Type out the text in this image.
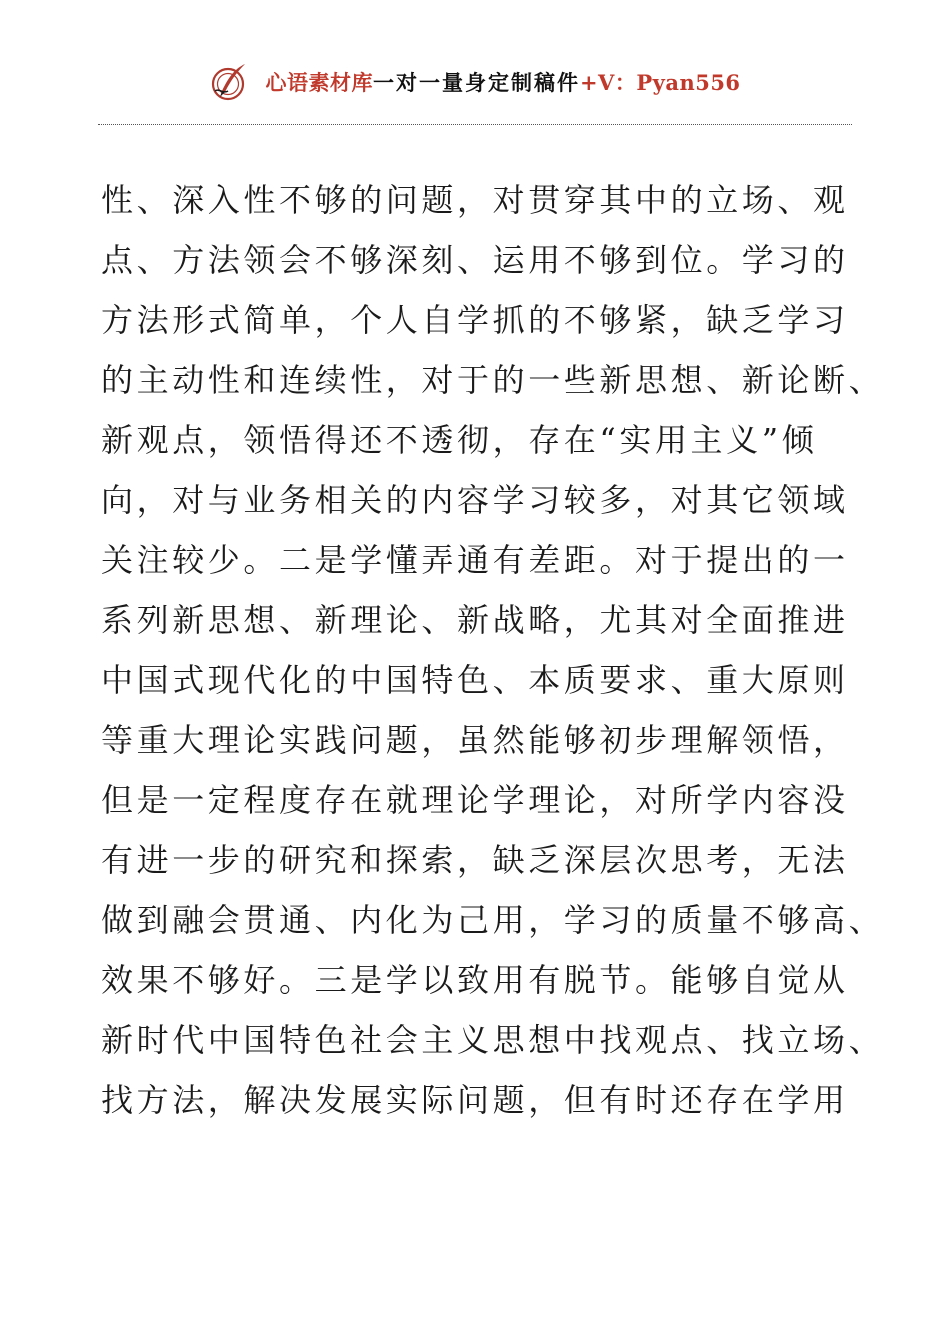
心语素材库一对一量身定制稿件+V：Pyan556
性、深入性不够的问题，对贯穿其中的立场、观
点、方法领会不够深刻、运用不够到位。学习的
方法形式简单，个人自学抓的不够紧，缺乏学习
的主动性和连续性，对于的一些新思想、新论断、
新观点，领悟得还不透彻，存在“实用主义”倾
向，对与业务相关的内容学习较多，对其它领域
关注较少。二是学懂弄通有差距。对于提出的一
系列新思想、新理论、新战略，尤其对全面推进
中国式现代化的中国特色、本质要求、重大原则
等重大理论实践问题，虽然能够初步理解领悟，
但是一定程度存在就理论学理论，对所学内容没
有进一步的研究和探索，缺乏深层次思考，无法
做到融会贯通、内化为己用，学习的质量不够高、
效果不够好。三是学以致用有脱节。能够自觉从
新时代中国特色社会主义思想中找观点、找立场、
找方法，解决发展实际问题，但有时还存在学用
